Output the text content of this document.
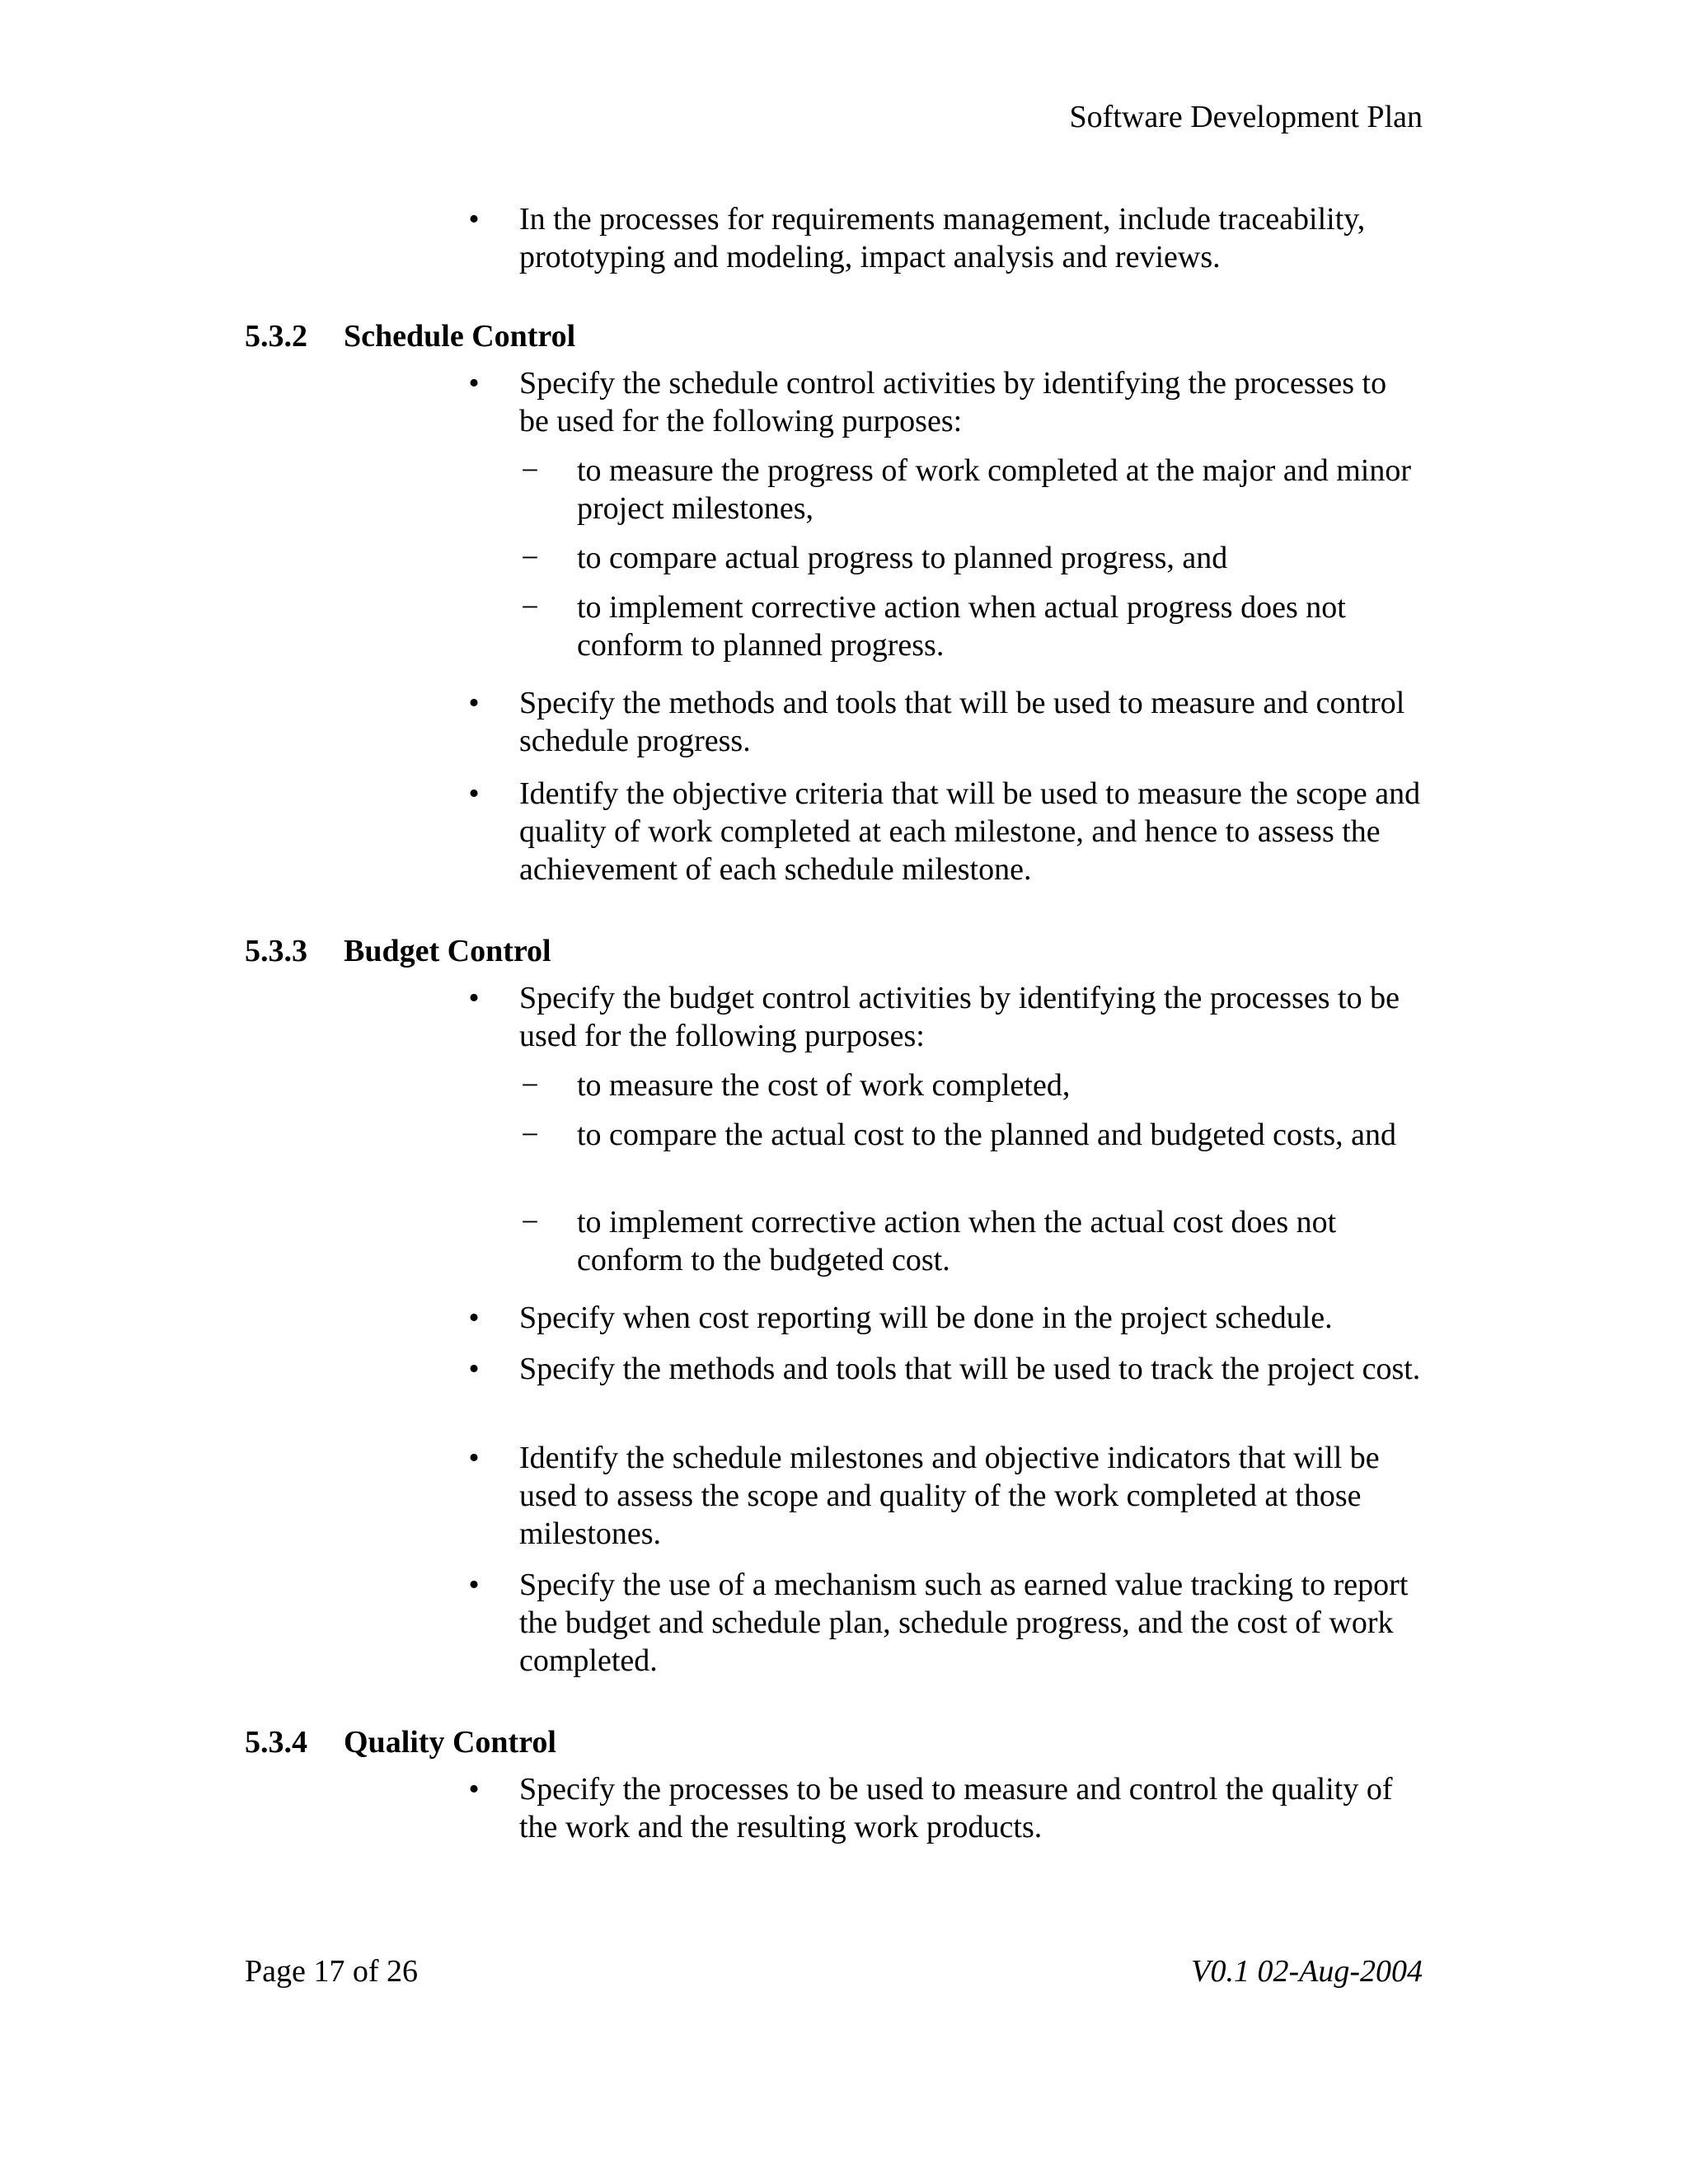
Software Development Plan
• In the processes for requirements management, include traceability, prototyping and modeling, impact analysis and reviews.
5.3.2 Schedule Control
• Specify the schedule control activities by identifying the processes to be used for the following purposes:
− to measure the progress of work completed at the major and minor project milestones,
− to compare actual progress to planned progress, and
− to implement corrective action when actual progress does not conform to planned progress.
• Specify the methods and tools that will be used to measure and control schedule progress.
• Identify the objective criteria that will be used to measure the scope and quality of work completed at each milestone, and hence to assess the achievement of each schedule milestone.
5.3.3 Budget Control
• Specify the budget control activities by identifying the processes to be used for the following purposes:
− to measure the cost of work completed,
− to compare the actual cost to the planned and budgeted costs, and
− to implement corrective action when the actual cost does not conform to the budgeted cost.
• Specify when cost reporting will be done in the project schedule.
• Specify the methods and tools that will be used to track the project cost.
• Identify the schedule milestones and objective indicators that will be used to assess the scope and quality of the work completed at those milestones.
• Specify the use of a mechanism such as earned value tracking to report the budget and schedule plan, schedule progress, and the cost of work completed.
5.3.4 Quality Control
• Specify the processes to be used to measure and control the quality of the work and the resulting work products.
Page 17 of 26	V0.1 02-Aug-2004
